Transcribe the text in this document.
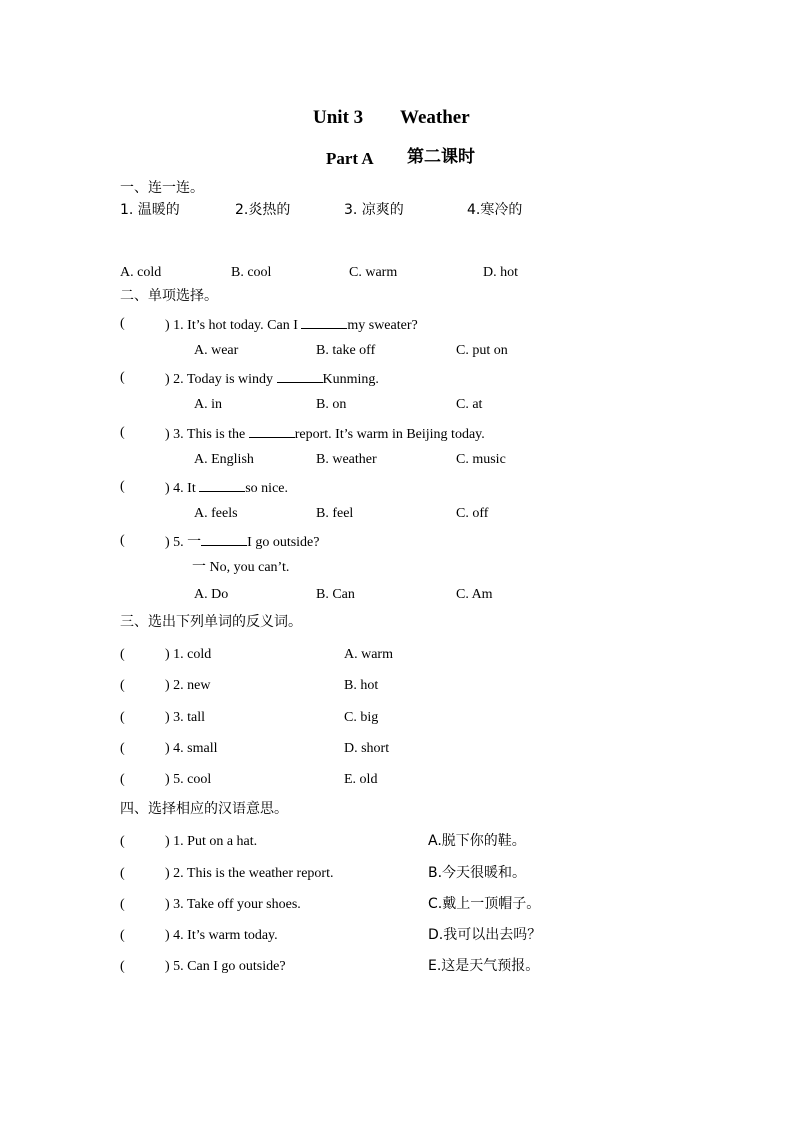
Unit 3 Weather
Part A 第二课时
一、连一连。
1. 温暖的	2.炎热的	3. 凉爽的	4.寒冷的
A. cold	B. cool	C. warm	D. hot
二、单项选择。
(	) 1. It’s hot today. Can I	my sweater?
A. wear	B. take off	C. put on
(	) 2. Today is windy	Kunming.
A. in	B. on	C. at
(	) 3. This is the	report. It’s warm in Beijing today.
A. English	B. weather	C. music
(	) 4. It	so nice.
A. feels	B. feel	C. off
(	) 5. 一	I go outside?
一 No, you can’t.
A. Do	B. Can	C. Am
三、选出下列单词的反义词。
(	) 1. cold	A. warm
(	) 2. new	B. hot
(	) 3. tall	C. big
(	) 4. small	D. short
(	) 5. cool	E. old
四、选择相应的汉语意思。
(	) 1. Put on a hat.	A.脱下你的鞋。
(	) 2. This is the weather report.	B.今天很暖和。
(	) 3. Take off your shoes.	C.戴上一顶帽子。
(	) 4. It’s warm today.	D.我可以出去吗？
(	) 5. Can I go outside?	E.这是天气预报。
